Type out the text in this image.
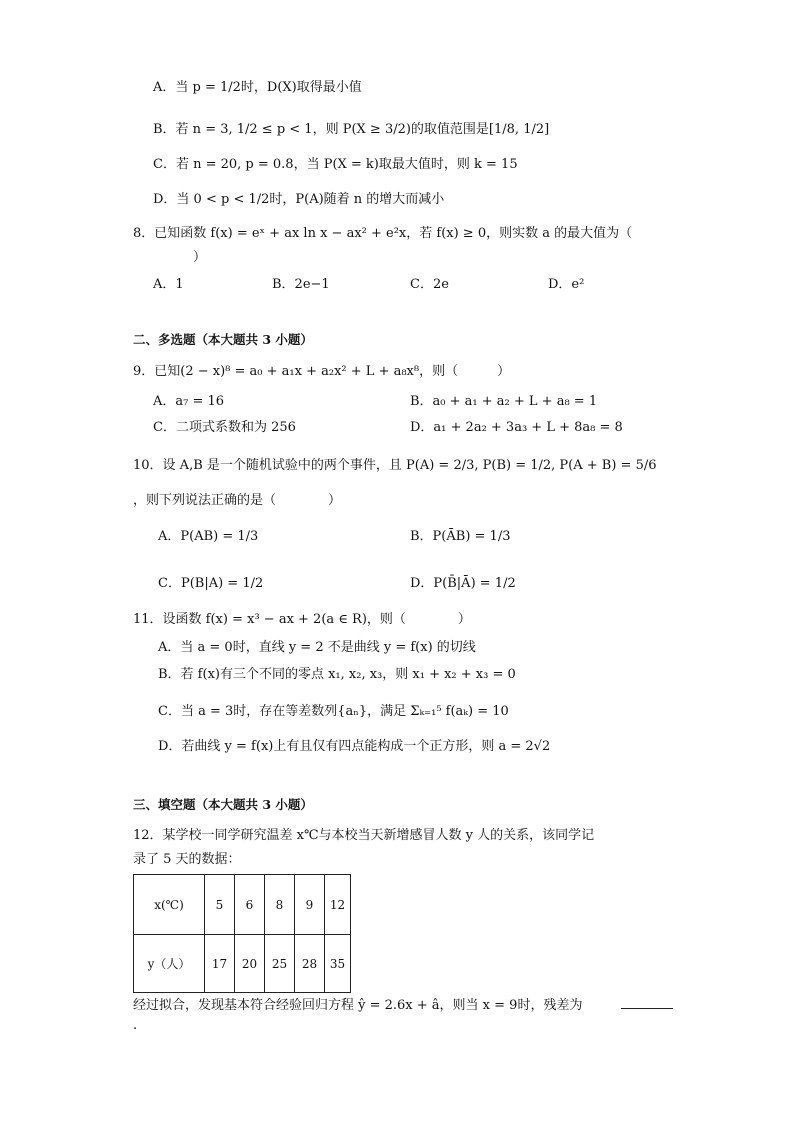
A．当 p = 1/2时，D(X)取得最小值
B．若 n = 3, 1/2 ≤ p < 1，则 P(X ≥ 3/2)的取值范围是[1/8, 1/2]
C．若 n = 20, p = 0.8，当 P(X = k)取最大值时，则 k = 15
D．当 0 < p < 1/2时，P(A)随着 n 的增大而减小
8．已知函数 f(x) = eˣ + ax ln x − ax² + e²x，若 f(x) ≥ 0，则实数 a 的最大值为（
）
A．1	B．2e−1	C．2e	D．e²
二、多选题（本大题共 3 小题）
9．已知(2 − x)⁸ = a₀ + a₁x + a₂x² + L + a₈x⁸，则（　　　）
A．a₇ = 16	B．a₀ + a₁ + a₂ + L + a₈ = 1
C．二项式系数和为 256	D．a₁ + 2a₂ + 3a₃ + L + 8a₈ = 8
10．设 A,B 是一个随机试验中的两个事件，且 P(A) = 2/3, P(B) = 1/2, P(A + B) = 5/6
，则下列说法正确的是（　　　　）
A．P(AB) = 1/3	B．P(ĀB) = 1/3
C．P(B|A) = 1/2	D．P(B̄|Ā) = 1/2
11．设函数 f(x) = x³ − ax + 2(a ∈ R)，则（　　　　）
A．当 a = 0时，直线 y = 2 不是曲线 y = f(x) 的切线
B．若 f(x)有三个不同的零点 x₁, x₂, x₃，则 x₁ + x₂ + x₃ = 0
C．当 a = 3时，存在等差数列{aₙ}，满足 Σₖ₌₁⁵ f(aₖ) = 10
D．若曲线 y = f(x)上有且仅有四点能构成一个正方形，则 a = 2√2
三、填空题（本大题共 3 小题）
12．某学校一同学研究温差 x℃与本校当天新增感冒人数 y 人的关系，该同学记
录了 5 天的数据：
x(℃)	5	6	8	9	12
y（人）	17	20	25	28	35
经过拟合，发现基本符合经验回归方程 ŷ = 2.6x + â，则当 x = 9时，残差为
.
